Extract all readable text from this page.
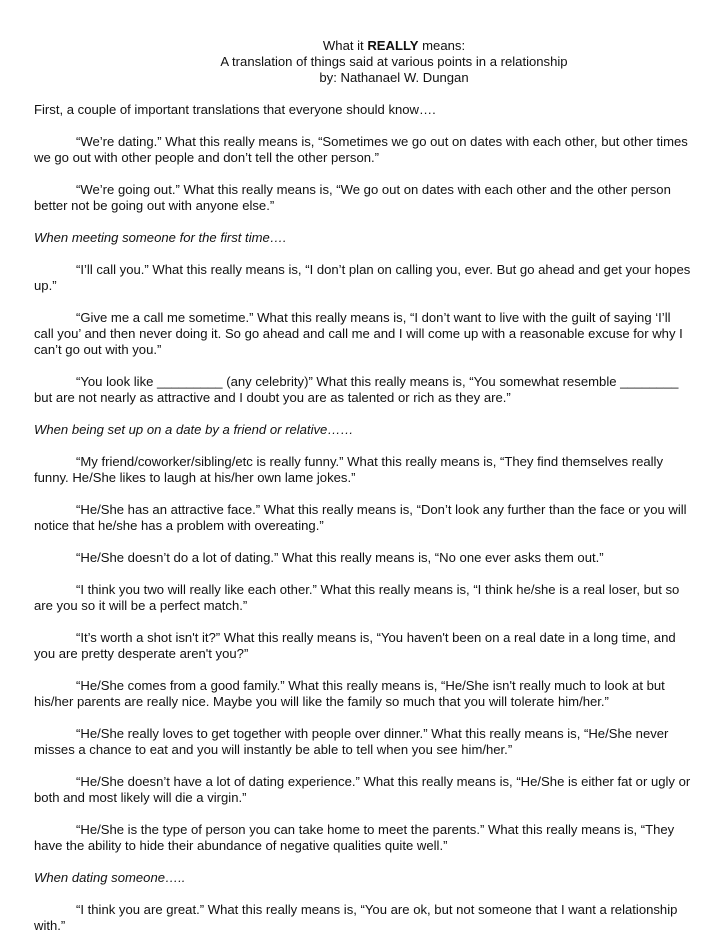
What it REALLY means:
A translation of things said at various points in a relationship
by: Nathanael W. Dungan
First, a couple of important translations that everyone should know….
“We’re dating.” What this really means is, “Sometimes we go out on dates with each other, but other times we go out with other people and don’t tell the other person.”
“We’re going out.” What this really means is, “We go out on dates with each other and the other person better not be going out with anyone else.”
When meeting someone for the first time….
“I’ll call you.” What this really means is, “I don’t plan on calling you, ever. But go ahead and get your hopes up.”
“Give me a call me sometime.” What this really means is, “I don’t want to live with the guilt of saying ‘I’ll call you’ and then never doing it. So go ahead and call me and I will come up with a reasonable excuse for why I can’t go out with you.”
“You look like _________ (any celebrity)” What this really means is, “You somewhat resemble ________ but are not nearly as attractive and I doubt you are as talented or rich as they are.”
When being set up on a date by a friend or relative……
“My friend/coworker/sibling/etc is really funny.” What this really means is, “They find themselves really funny. He/She likes to laugh at his/her own lame jokes.”
“He/She has an attractive face.” What this really means is, “Don’t look any further than the face or you will notice that he/she has a problem with overeating.”
“He/She doesn’t do a lot of dating.” What this really means is, “No one ever asks them out.”
“I think you two will really like each other.” What this really means is, “I think he/she is a real loser, but so are you so it will be a perfect match.”
“It’s worth a shot isn't it?” What this really means is, “You haven't been on a real date in a long time, and you are pretty desperate aren't you?”
“He/She comes from a good family.” What this really means is, “He/She isn't really much to look at but his/her parents are really nice. Maybe you will like the family so much that you will tolerate him/her.”
“He/She really loves to get together with people over dinner.” What this really means is, “He/She never misses a chance to eat and you will instantly be able to tell when you see him/her.”
“He/She doesn’t have a lot of dating experience.” What this really means is, “He/She is either fat or ugly or both and most likely will die a virgin.”
“He/She is the type of person you can take home to meet the parents.” What this really means is, “They have the ability to hide their abundance of negative qualities quite well.”
When dating someone…..
“I think you are great.” What this really means is, “You are ok, but not someone that I want a relationship with.”
